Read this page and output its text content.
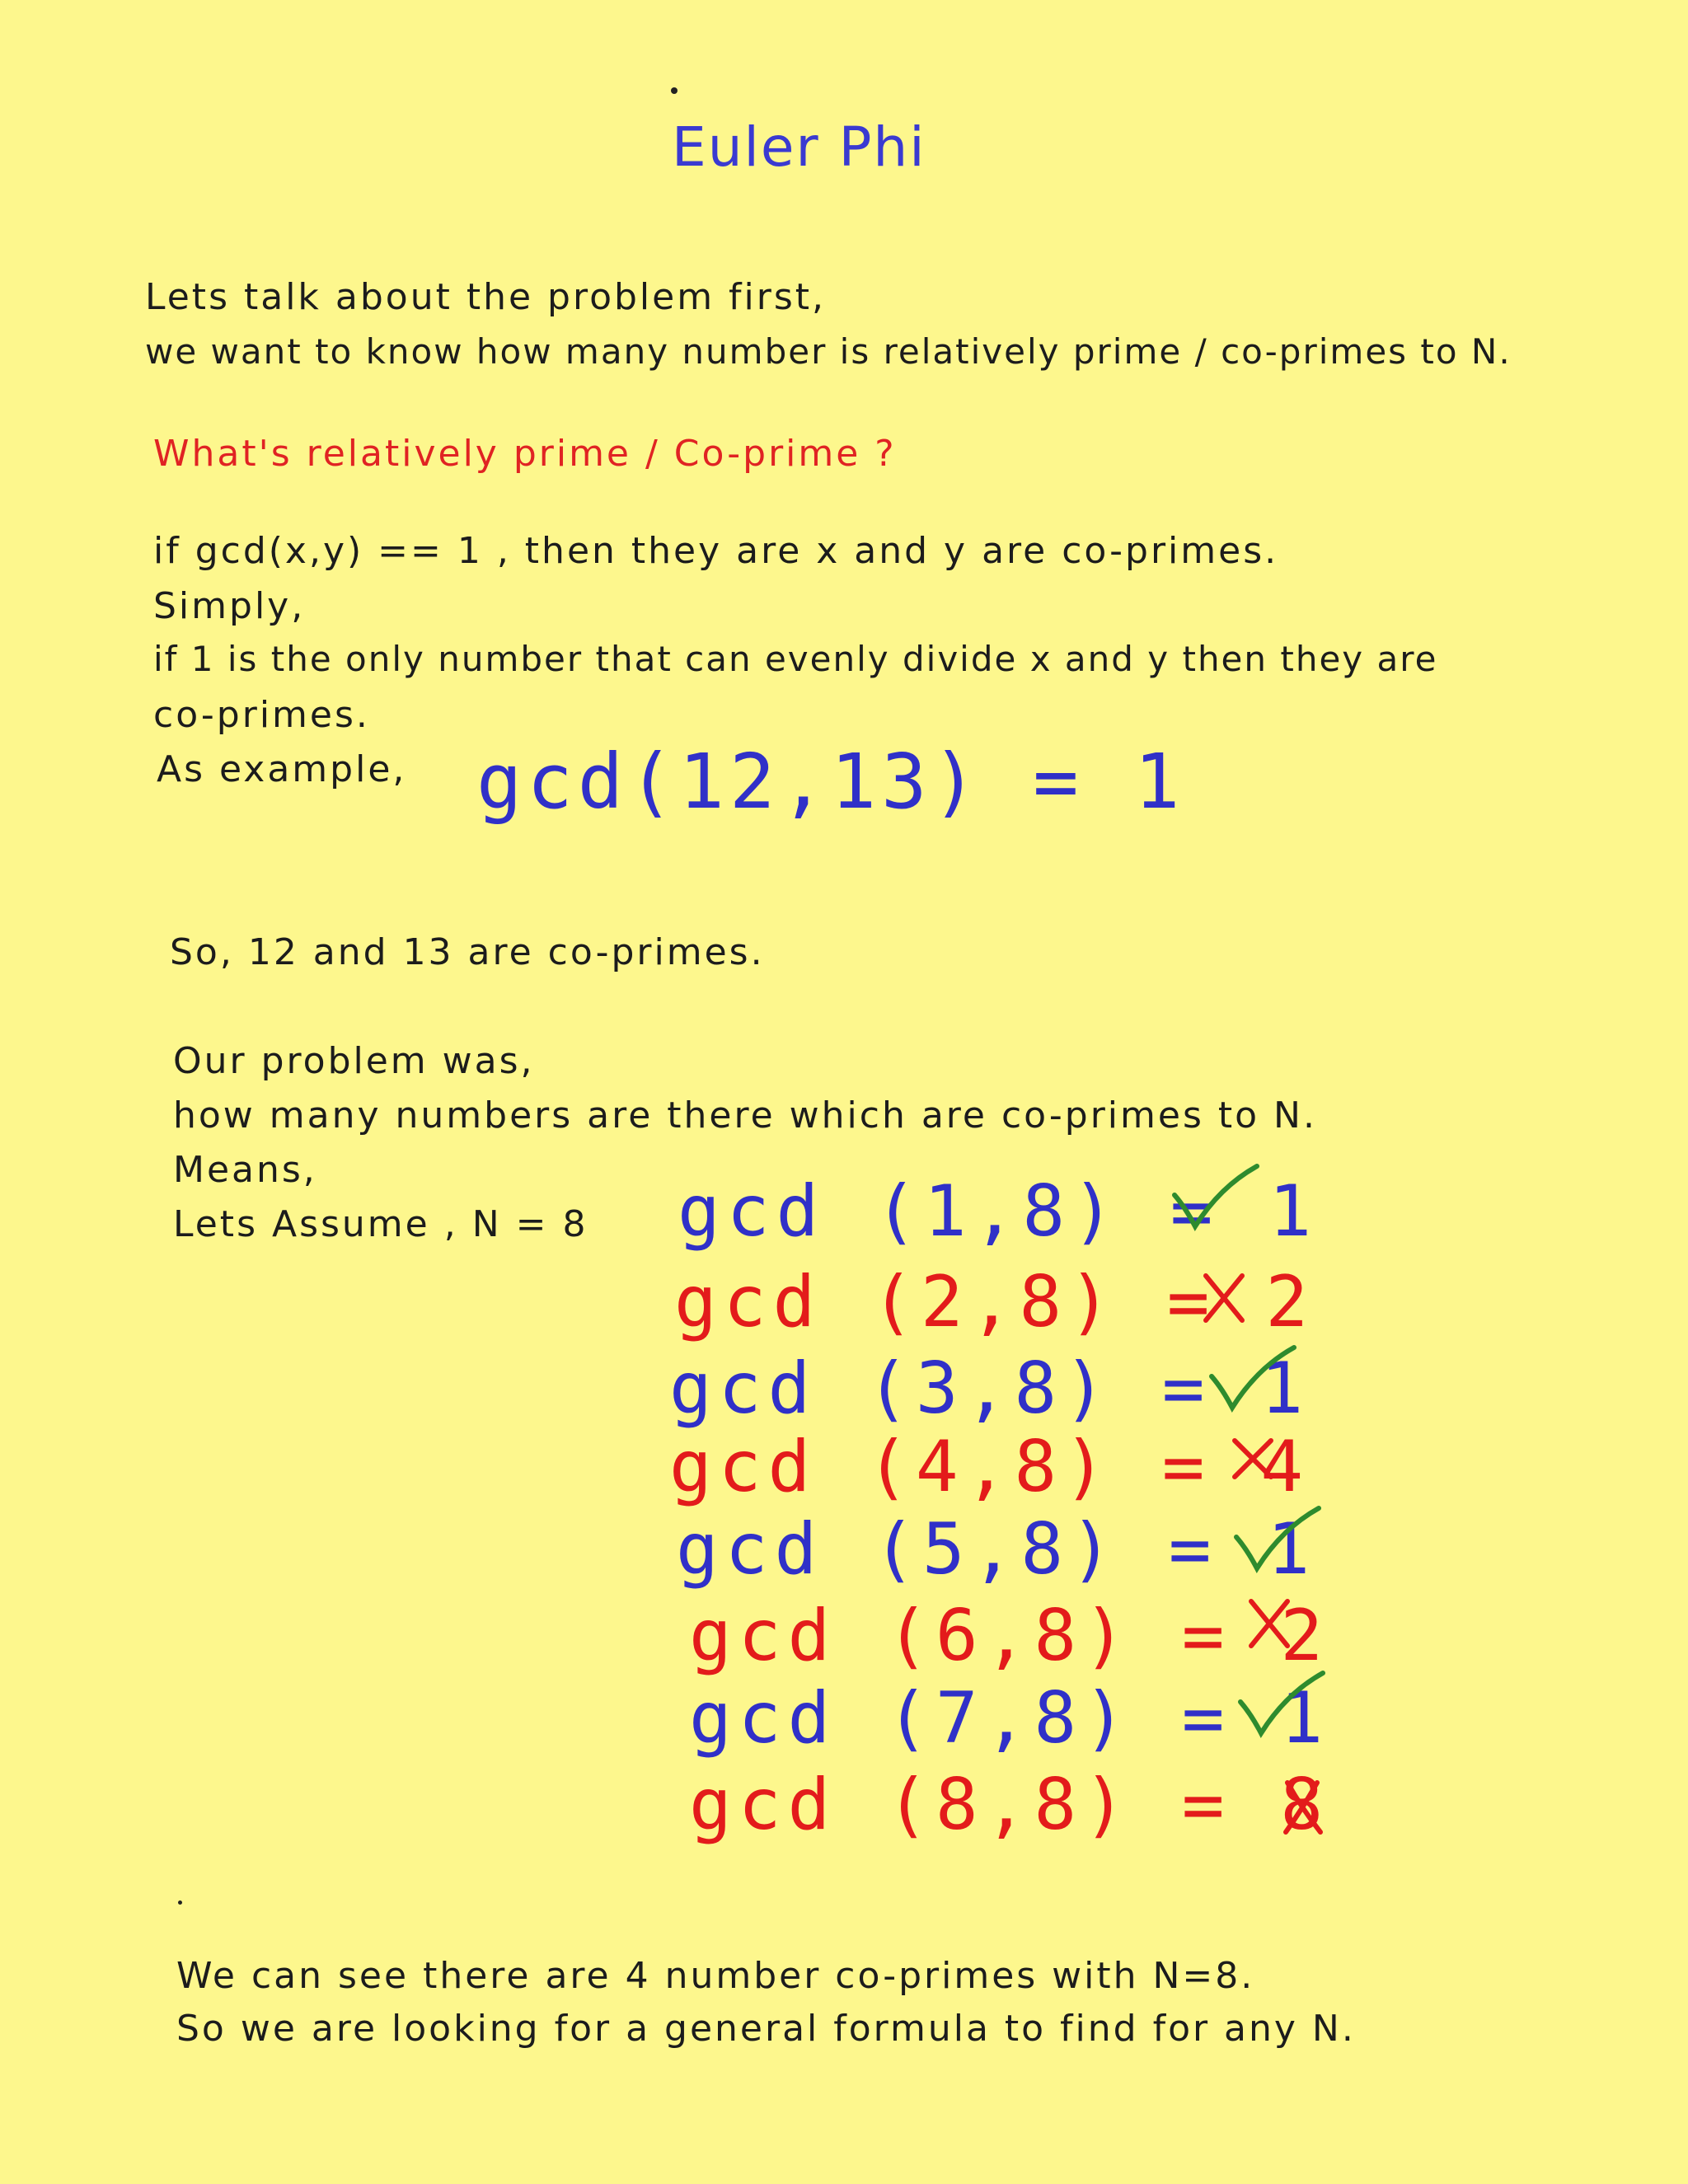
Euler Phi
Lets talk about the problem first,
we want to know how many number is relatively prime / co-primes to N.
What's relatively prime / Co-prime ?
if gcd(x,y) == 1 , then they are x and y are co-primes.
Simply,
if 1 is the only number that can evenly divide x and y then they are
co-primes.
As example, gcd(12,13) = 1
So, 12 and 13 are co-primes.
Our problem was,
how many numbers are there which are co-primes to N.
Means,
Lets Assume , N = 8 gcd (1,8) = 1
gcd (2,8) = 2
gcd (3,8) = 1
gcd (4,8) = 4
gcd (5,8) = 1
gcd (6,8) = 2
gcd (7,8) = 1
gcd (8,8) = 8
We can see there are 4 number co-primes with N=8.
So we are looking for a general formula to find for any N.
